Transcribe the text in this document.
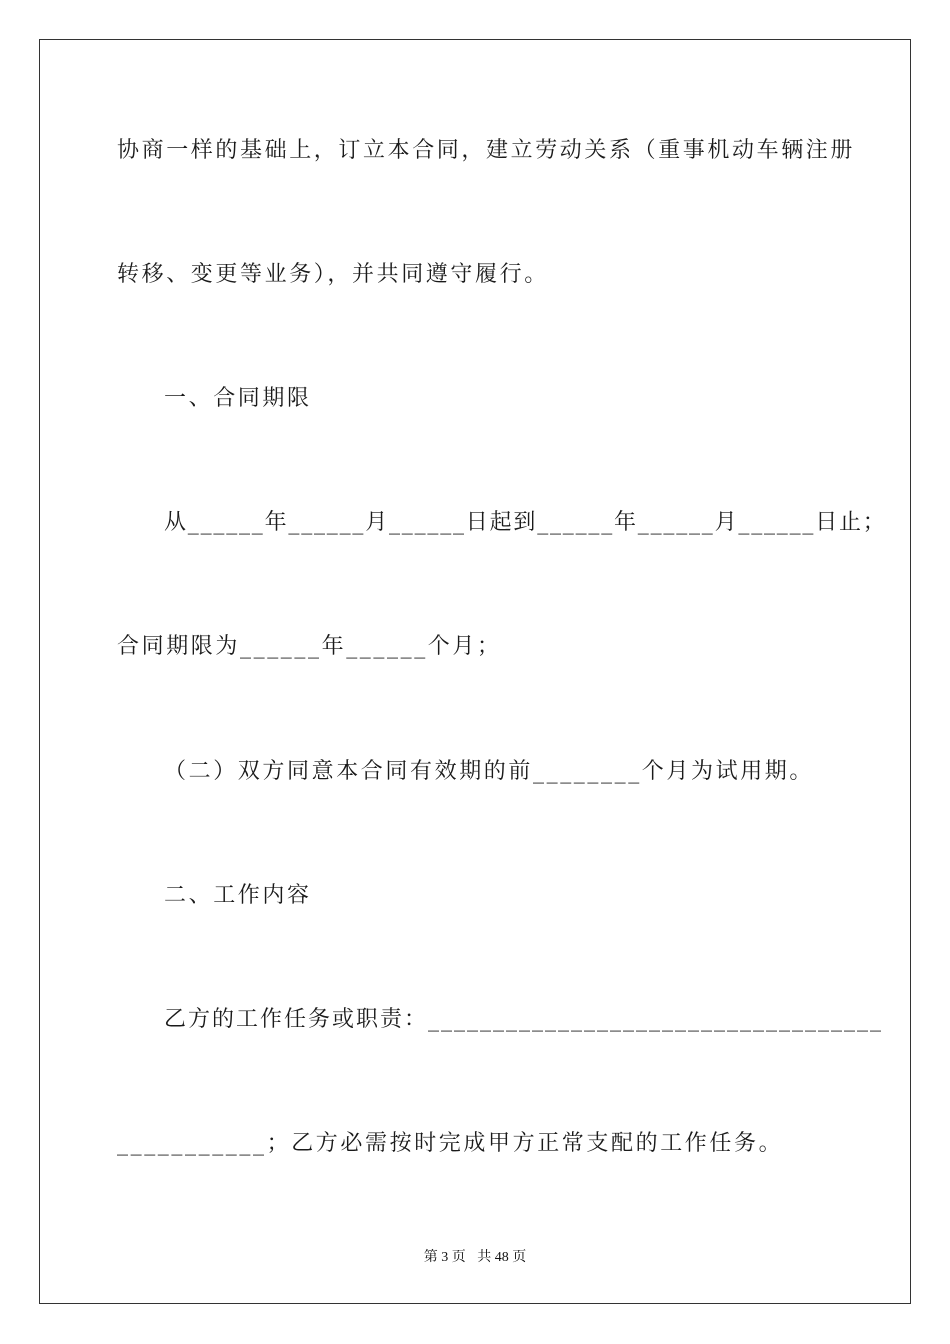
协商一样的基础上，订立本合同，建立劳动关系（重事机动车辆注册
转移、变更等业务），并共同遵守履行。
一、合同期限
从______年______月______日起到______年______月______日止；
合同期限为______年______个月；
（二）双方同意本合同有效期的前________个月为试用期。
二、工作内容
乙方的工作任务或职责：___________________________________
___________；乙方必需按时完成甲方正常支配的工作任务。
第 3 页 共 48 页
